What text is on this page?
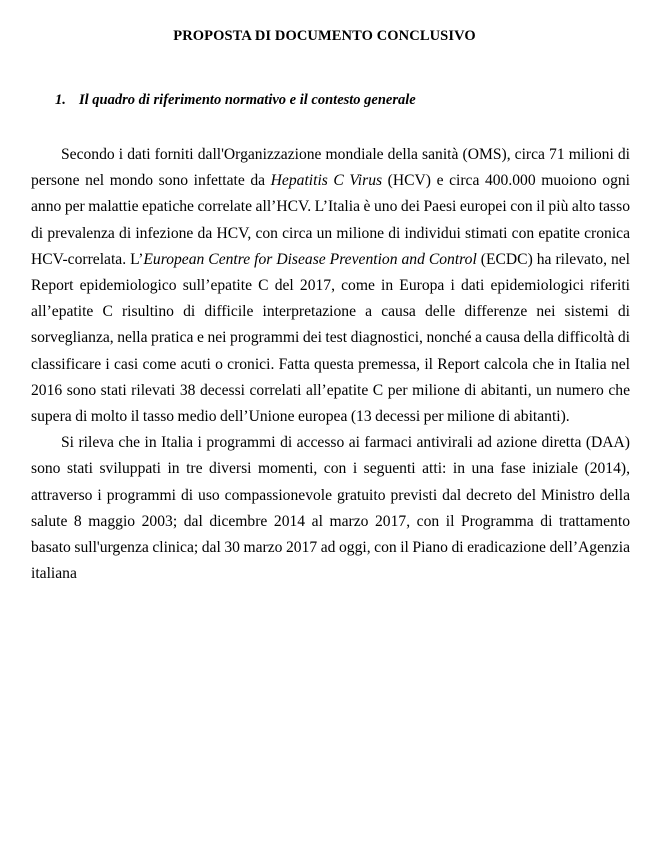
PROPOSTA DI DOCUMENTO CONCLUSIVO
1. Il quadro di riferimento normativo e il contesto generale

Secondo i dati forniti dall'Organizzazione mondiale della sanità (OMS), circa 71 milioni di persone nel mondo sono infettate da Hepatitis C Virus (HCV) e circa 400.000 muoiono ogni anno per malattie epatiche correlate all’HCV. L’Italia è uno dei Paesi europei con il più alto tasso di prevalenza di infezione da HCV, con circa un milione di individui stimati con epatite cronica HCV-correlata. L’European Centre for Disease Prevention and Control (ECDC) ha rilevato, nel Report epidemiologico sull’epatite C del 2017, come in Europa i dati epidemiologici riferiti all’epatite C risultino di difficile interpretazione a causa delle differenze nei sistemi di sorveglianza, nella pratica e nei programmi dei test diagnostici, nonché a causa della difficoltà di classificare i casi come acuti o cronici. Fatta questa premessa, il Report calcola che in Italia nel 2016 sono stati rilevati 38 decessi correlati all’epatite C per milione di abitanti, un numero che supera di molto il tasso medio dell’Unione europea (13 decessi per milione di abitanti).

Si rileva che in Italia i programmi di accesso ai farmaci antivirali ad azione diretta (DAA) sono stati sviluppati in tre diversi momenti, con i seguenti atti: in una fase iniziale (2014), attraverso i programmi di uso compassionevole gratuito previsti dal decreto del Ministro della salute 8 maggio 2003; dal dicembre 2014 al marzo 2017, con il Programma di trattamento basato sull'urgenza clinica; dal 30 marzo 2017 ad oggi, con il Piano di eradicazione dell’Agenzia italiana
